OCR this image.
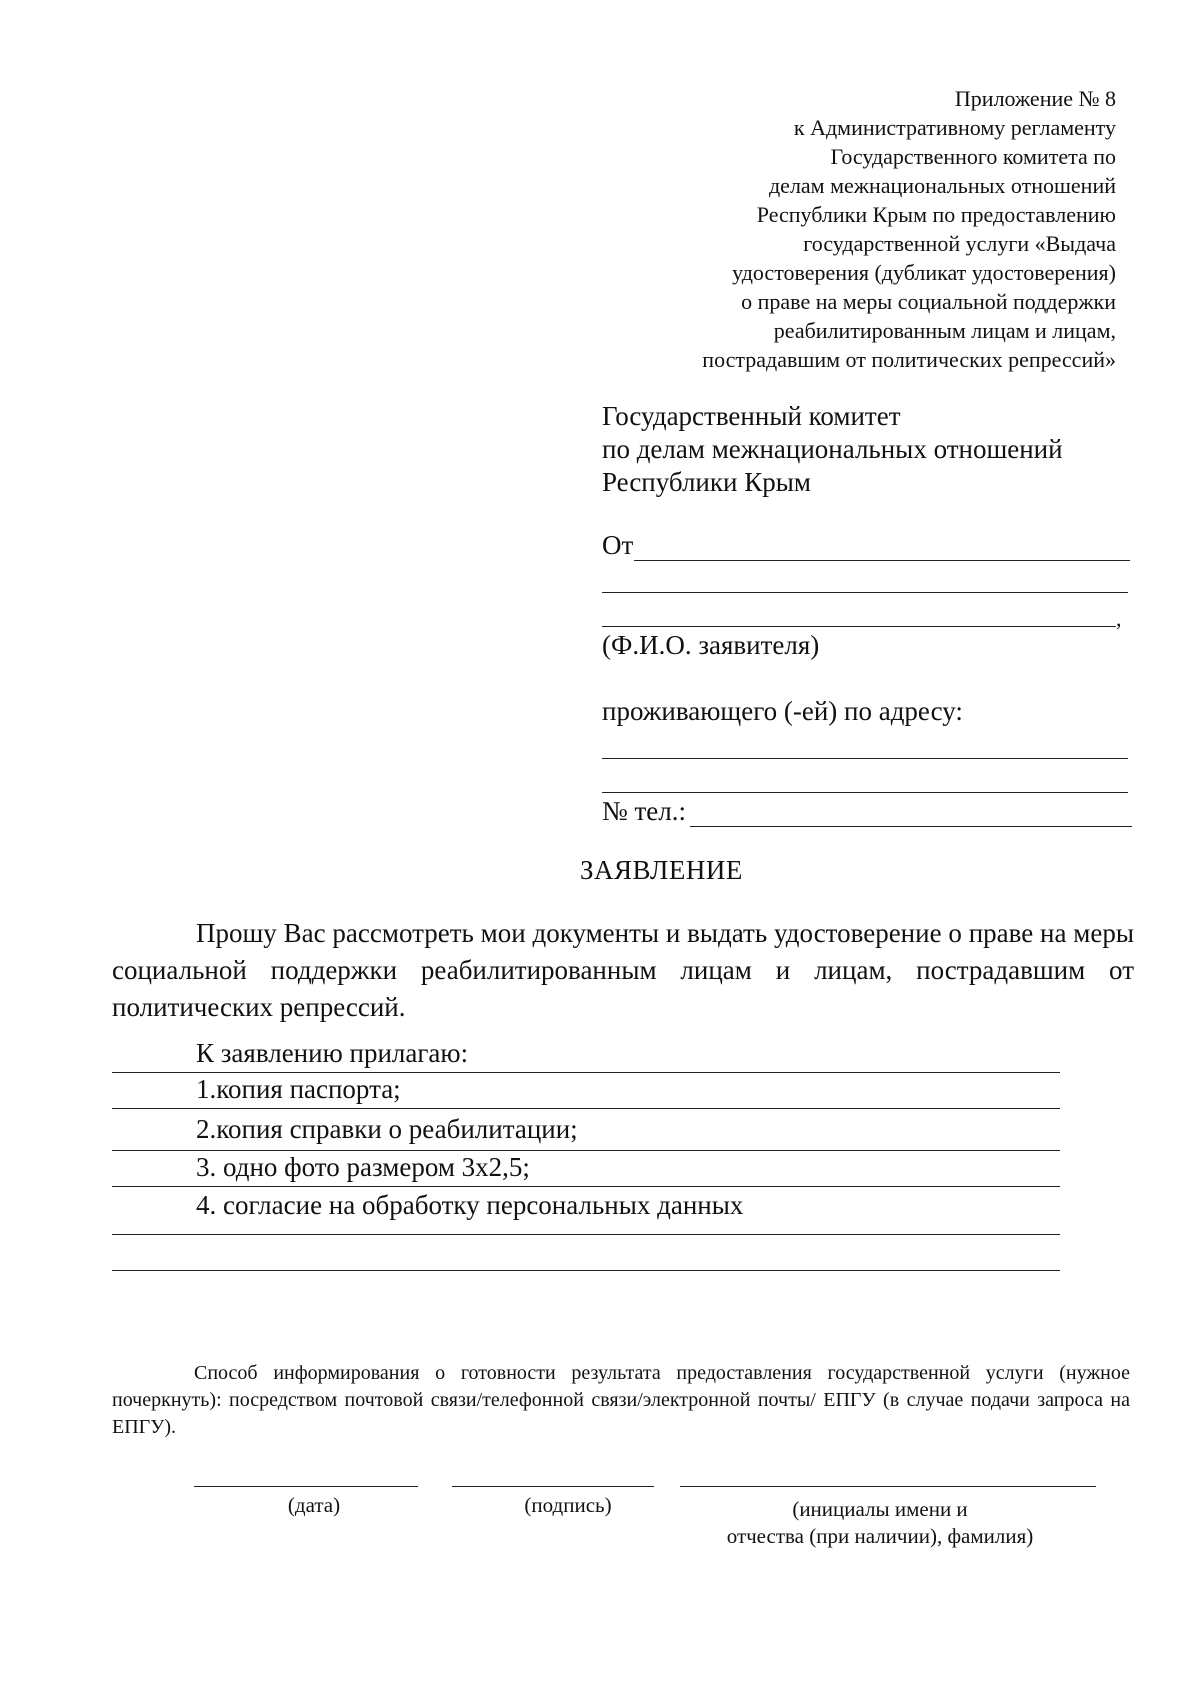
Приложение № 8
к Административному регламенту
Государственного комитета по
делам межнациональных отношений
Республики Крым по предоставлению
государственной услуги «Выдача
удостоверения (дубликат удостоверения)
о праве на меры социальной поддержки
реабилитированным лицам и лицам,
пострадавшим от политических репрессий»
Государственный комитет
по делам межнациональных отношений
Республики Крым
От
,
(Ф.И.О. заявителя)
проживающего (-ей) по адресу:
№ тел.:
ЗАЯВЛЕНИЕ
Прошу Вас рассмотреть мои документы и выдать удостоверение о праве на меры социальной поддержки реабилитированным лицам и лицам, пострадавшим от политических репрессий.
К заявлению прилагаю:
1.копия паспорта;
2.копия справки о реабилитации;
3. одно фото размером 3х2,5;
4. согласие на обработку персональных данных
Способ информирования о готовности результата предоставления государственной услуги (нужное почеркнуть): посредством почтовой связи/телефонной связи/электронной почты/ ЕПГУ (в случае подачи запроса на ЕПГУ).
(дата)	(подпись)	(инициалы имени и
отчества (при наличии), фамилия)
